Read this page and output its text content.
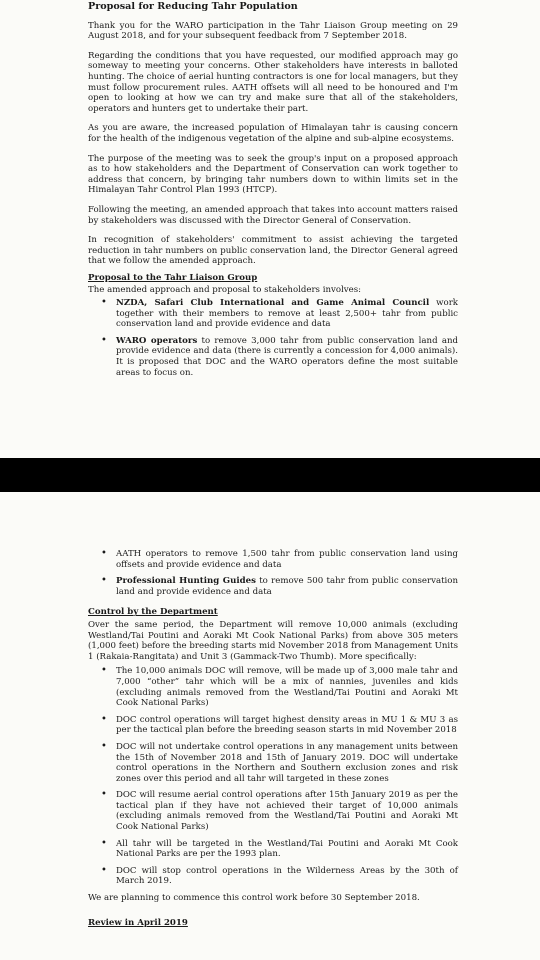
Proposal for Reducing Tahr Population

Thank you for the WARO participation in the Tahr Liaison Group meeting on 29 August 2018, and for your subsequent feedback from 7 September 2018.

Regarding the conditions that you have requested, our modified approach may go someway to meeting your concerns. Other stakeholders have interests in balloted hunting. The choice of aerial hunting contractors is one for local managers, but they must follow procurement rules. AATH offsets will all need to be honoured and I'm open to looking at how we can try and make sure that all of the stakeholders, operators and hunters get to undertake their part.

As you are aware, the increased population of Himalayan tahr is causing concern for the health of the indigenous vegetation of the alpine and sub-alpine ecosystems.

The purpose of the meeting was to seek the group's input on a proposed approach as to how stakeholders and the Department of Conservation can work together to address that concern, by bringing tahr numbers down to within limits set in the Himalayan Tahr Control Plan 1993 (HTCP).

Following the meeting, an amended approach that takes into account matters raised by stakeholders was discussed with the Director General of Conservation.

In recognition of stakeholders' commitment to assist achieving the targeted reduction in tahr numbers on public conservation land, the Director General agreed that we follow the amended approach.

Proposal to the Tahr Liaison Group
The amended approach and proposal to stakeholders involves:
• NZDA, Safari Club International and Game Animal Council work together with their members to remove at least 2,500+ tahr from public conservation land and provide evidence and data
• WARO operators to remove 3,000 tahr from public conservation land and provide evidence and data (there is currently a concession for 4,000 animals). It is proposed that DOC and the WARO operators define the most suitable areas to focus on.
• AATH operators to remove 1,500 tahr from public conservation land using offsets and provide evidence and data
• Professional Hunting Guides to remove 500 tahr from public conservation land and provide evidence and data
Control by the Department

Over the same period, the Department will remove 10,000 animals (excluding Westland/Tai Poutini and Aoraki Mt Cook National Parks) from above 305 meters (1,000 feet) before the breeding starts mid November 2018 from Management Units 1 (Rakaia-Rangitata) and Unit 3 (Gammack-Two Thumb). More specifically:

• The 10,000 animals DOC will remove, will be made up of 3,000 male tahr and 7,000 “other” tahr which will be a mix of nannies, juveniles and kids (excluding animals removed from the Westland/Tai Poutini and Aoraki Mt Cook National Parks)
• DOC control operations will target highest density areas in MU 1 & MU 3 as per the tactical plan before the breeding season starts in mid November 2018
• DOC will not undertake control operations in any management units between the 15th of November 2018 and 15th of January 2019. DOC will undertake control operations in the Northern and Southern exclusion zones and risk zones over this period and all tahr will targeted in these zones
• DOC will resume aerial control operations after 15th January 2019 as per the tactical plan if they have not achieved their target of 10,000 animals (excluding animals removed from the Westland/Tai Poutini and Aoraki Mt Cook National Parks)
• All tahr will be targeted in the Westland/Tai Poutini and Aoraki Mt Cook National Parks are per the 1993 plan.
• DOC will stop control operations in the Wilderness Areas by the 30th of March 2019.

We are planning to commence this control work before 30 September 2018.

Review in April 2019
